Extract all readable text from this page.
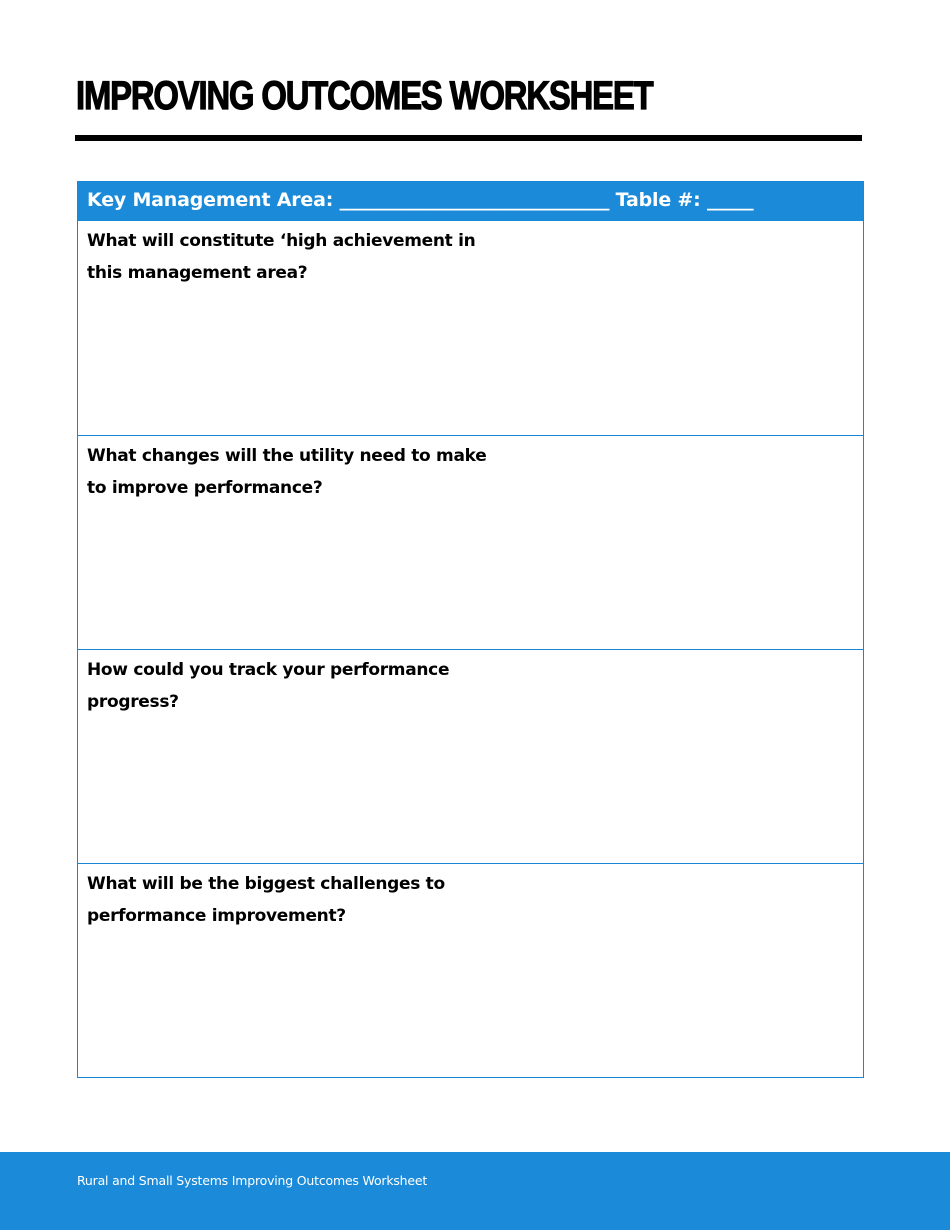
IMPROVING OUTCOMES WORKSHEET
Key Management Area: _____________________________ Table #: _____
What will constitute ‘high achievement in this management area?
What changes will the utility need to make to improve performance?
How could you track your performance progress?
What will be the biggest challenges to performance improvement?
Rural and Small Systems Improving Outcomes Worksheet
